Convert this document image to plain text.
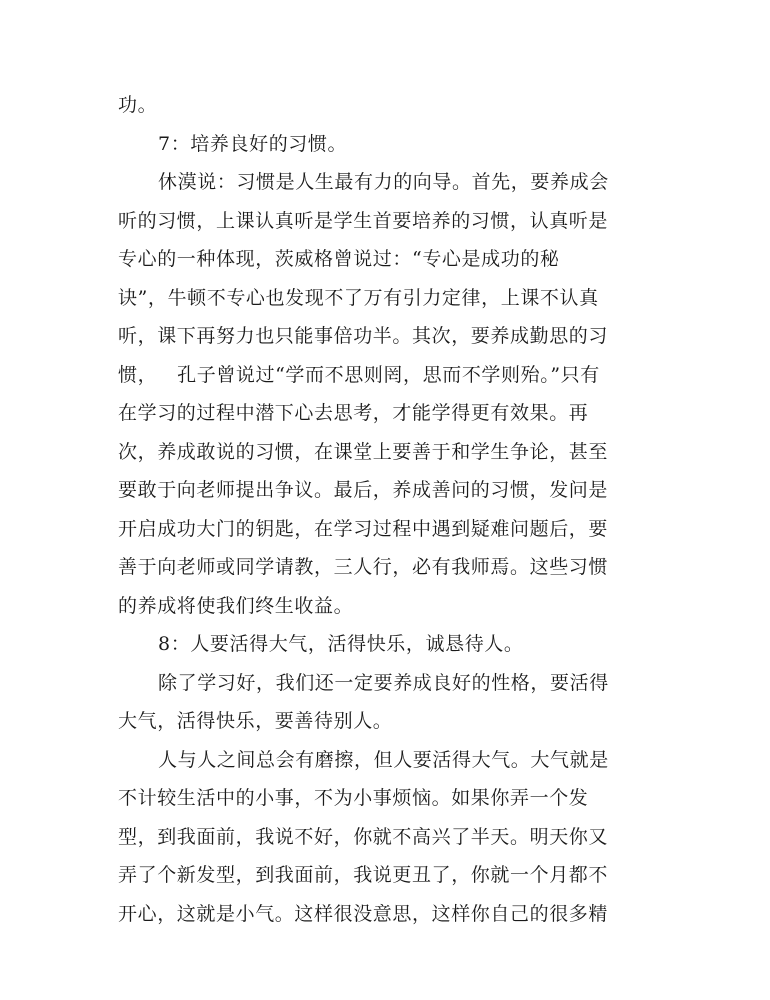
功。
7：培养良好的习惯。
休漠说：习惯是人生最有力的向导。首先，要养成会
听的习惯，上课认真听是学生首要培养的习惯，认真听是
专心的一种体现，茨威格曾说过：“专心是成功的秘
诀”，牛顿不专心也发现不了万有引力定律，上课不认真
听，课下再努力也只能事倍功半。其次，要养成勤思的习
惯，   孔子曾说过“学而不思则罔，思而不学则殆。”只有
在学习的过程中潜下心去思考，才能学得更有效果。再
次，养成敢说的习惯，在课堂上要善于和学生争论，甚至
要敢于向老师提出争议。最后，养成善问的习惯，发问是
开启成功大门的钥匙，在学习过程中遇到疑难问题后，要
善于向老师或同学请教，三人行，必有我师焉。这些习惯
的养成将使我们终生收益。
8：人要活得大气，活得快乐，诚恳待人。
除了学习好，我们还一定要养成良好的性格，要活得
大气，活得快乐，要善待别人。
人与人之间总会有磨擦，但人要活得大气。大气就是
不计较生活中的小事，不为小事烦恼。如果你弄一个发
型，到我面前，我说不好，你就不高兴了半天。明天你又
弄了个新发型，到我面前，我说更丑了，你就一个月都不
开心，这就是小气。这样很没意思，这样你自己的很多精
